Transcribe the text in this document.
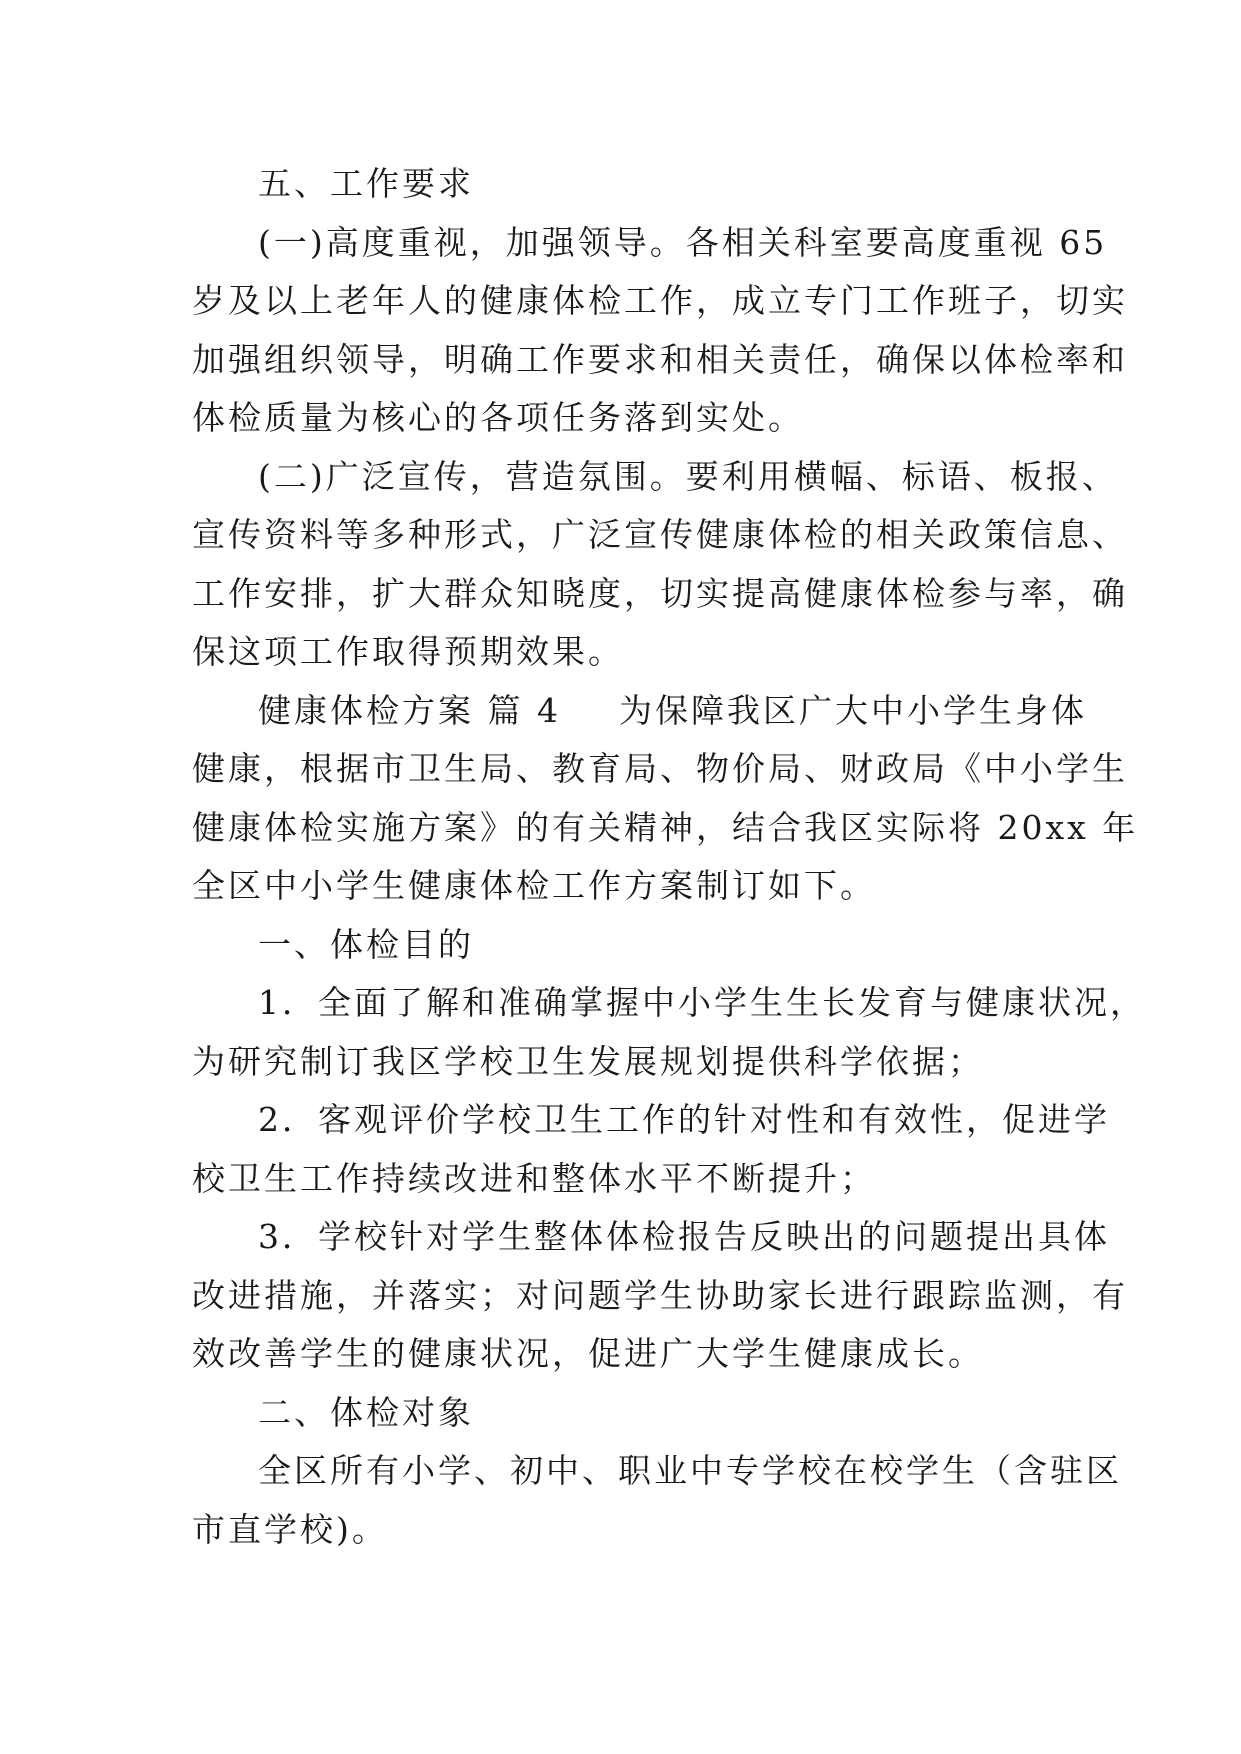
五、工作要求
(一)高度重视，加强领导。各相关科室要高度重视 65
岁及以上老年人的健康体检工作，成立专门工作班子，切实
加强组织领导，明确工作要求和相关责任，确保以体检率和
体检质量为核心的各项任务落到实处。
(二)广泛宣传，营造氛围。要利用横幅、标语、板报、
宣传资料等多种形式，广泛宣传健康体检的相关政策信息、
工作安排，扩大群众知晓度，切实提高健康体检参与率，确
保这项工作取得预期效果。
健康体检方案 篇 4 为保障我区广大中小学生身体
健康，根据市卫生局、教育局、物价局、财政局《中小学生
健康体检实施方案》的有关精神，结合我区实际将 20xx 年
全区中小学生健康体检工作方案制订如下。
一、体检目的
1．全面了解和准确掌握中小学生生长发育与健康状况，
为研究制订我区学校卫生发展规划提供科学依据；
2．客观评价学校卫生工作的针对性和有效性，促进学
校卫生工作持续改进和整体水平不断提升；
3．学校针对学生整体体检报告反映出的问题提出具体
改进措施，并落实；对问题学生协助家长进行跟踪监测，有
效改善学生的健康状况，促进广大学生健康成长。
二、体检对象
全区所有小学、初中、职业中专学校在校学生（含驻区
市直学校)。
